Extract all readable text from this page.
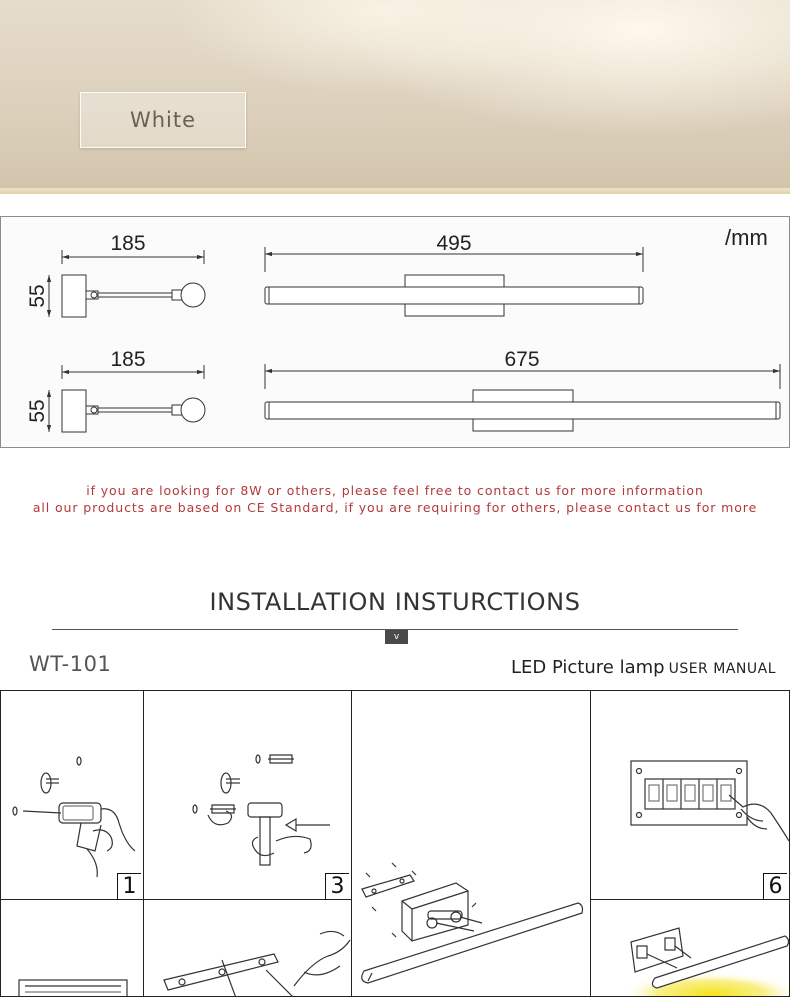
White
/mm
185
55
495
185
55
675
if you are looking for 8W or others, please feel free to contact us for more information
all our products are based on CE Standard, if you are requiring for others, please contact us for more
INSTALLATION INSTURCTIONS
v
WT-101	LED Picture lamp USER MANUAL
1	3	6
